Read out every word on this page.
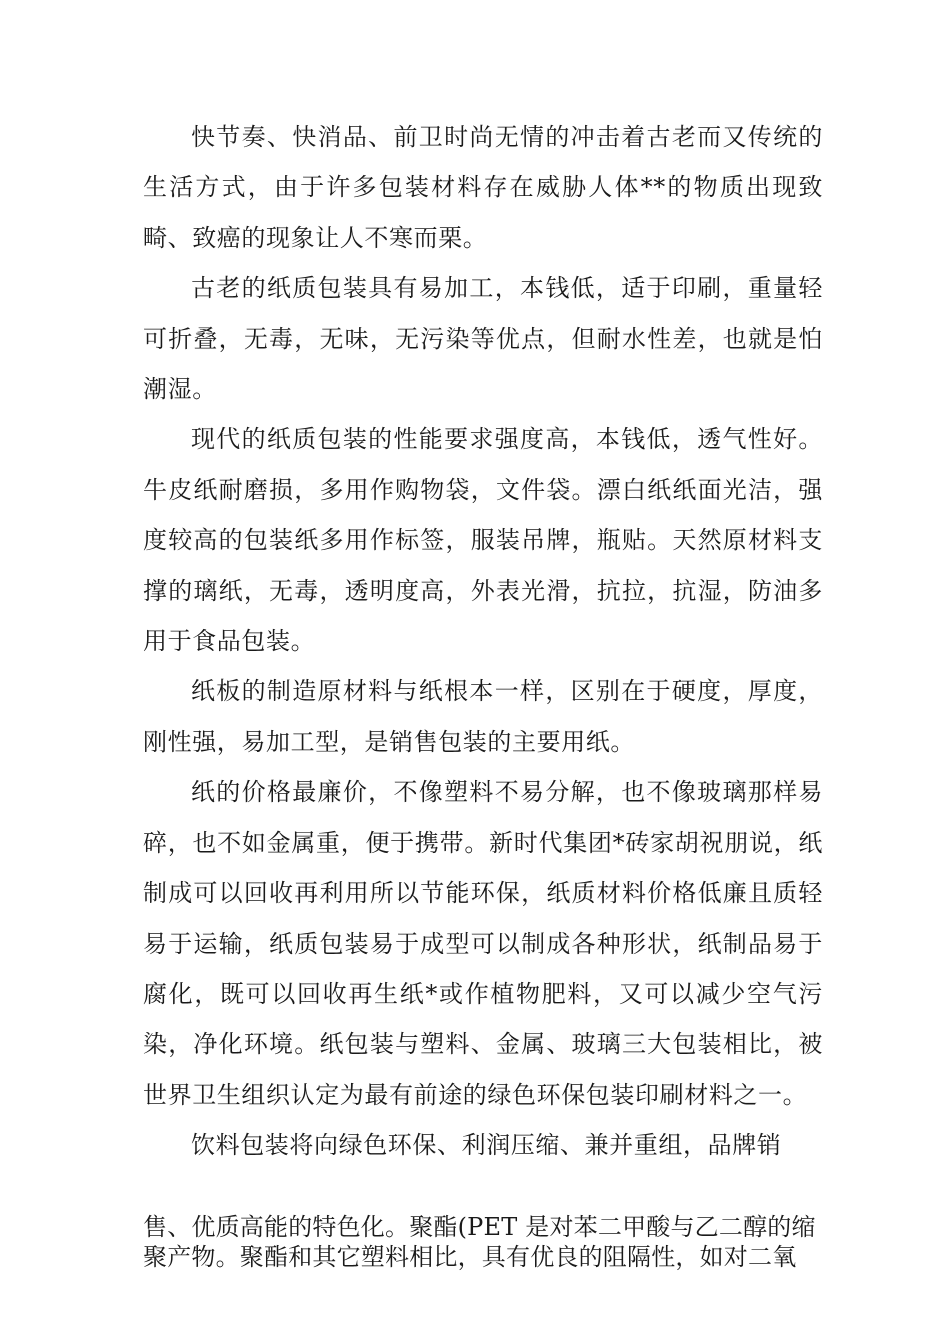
快节奏、快消品、前卫时尚无情的冲击着古老而又传统的生活方式，由于许多包装材料存在威胁人体**的物质出现致畸、致癌的现象让人不寒而栗。

古老的纸质包装具有易加工，本钱低，适于印刷，重量轻可折叠，无毒，无味，无污染等优点，但耐水性差，也就是怕潮湿。

现代的纸质包装的性能要求强度高，本钱低，透气性好。牛皮纸耐磨损，多用作购物袋，文件袋。漂白纸纸面光洁，强度较高的包装纸多用作标签，服装吊牌，瓶贴。天然原材料支撑的璃纸，无毒，透明度高，外表光滑，抗拉，抗湿，防油多用于食品包装。

纸板的制造原材料与纸根本一样，区别在于硬度，厚度，刚性强，易加工型，是销售包装的主要用纸。

纸的价格最廉价，不像塑料不易分解，也不像玻璃那样易碎，也不如金属重，便于携带。新时代集团*砖家胡祝朋说，纸制成可以回收再利用所以节能环保，纸质材料价格低廉且质轻易于运输，纸质包装易于成型可以制成各种形状，纸制品易于腐化，既可以回收再生纸*或作植物肥料，又可以减少空气污染，净化环境。纸包装与塑料、金属、玻璃三大包装相比，被世界卫生组织认定为最有前途的绿色环保包装印刷材料之一。

饮料包装将向绿色环保、利润压缩、兼并重组，品牌销

售、优质高能的特色化。聚酯(PET 是对苯二甲酸与乙二醇的缩
聚产物。聚酯和其它塑料相比，具有优良的阻隔性，如对二氧
